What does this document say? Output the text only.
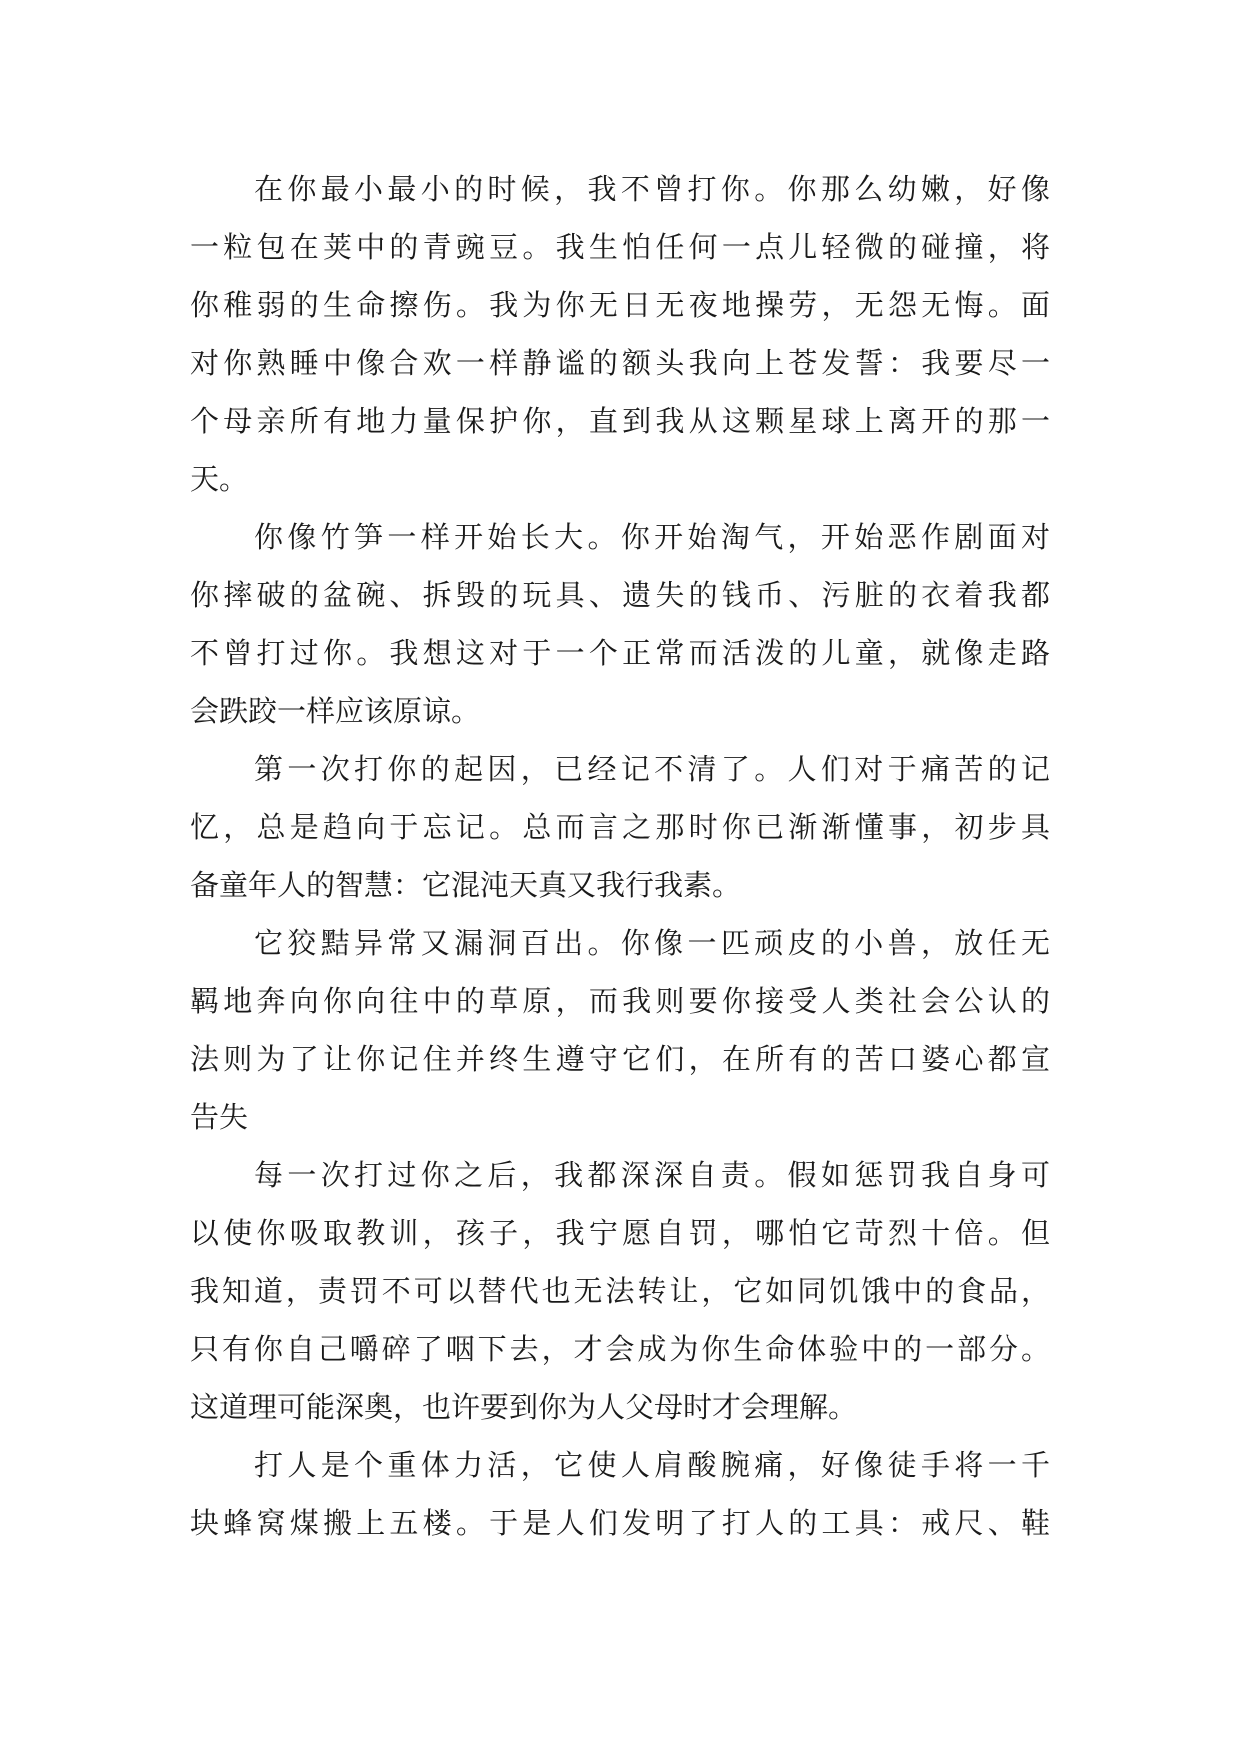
在你最小最小的时候，我不曾打你。你那么幼嫩，好像
一粒包在荚中的青豌豆。我生怕任何一点儿轻微的碰撞，将
你稚弱的生命擦伤。我为你无日无夜地操劳，无怨无悔。面
对你熟睡中像合欢一样静谧的额头我向上苍发誓：我要尽一
个母亲所有地力量保护你，直到我从这颗星球上离开的那一
天。
你像竹笋一样开始长大。你开始淘气，开始恶作剧面对
你摔破的盆碗、拆毁的玩具、遗失的钱币、污脏的衣着我都
不曾打过你。我想这对于一个正常而活泼的儿童，就像走路
会跌跤一样应该原谅。
第一次打你的起因，已经记不清了。人们对于痛苦的记
忆，总是趋向于忘记。总而言之那时你已渐渐懂事，初步具
备童年人的智慧：它混沌天真又我行我素。
它狡黠异常又漏洞百出。你像一匹顽皮的小兽，放任无
羁地奔向你向往中的草原，而我则要你接受人类社会公认的
法则为了让你记住并终生遵守它们，在所有的苦口婆心都宣
告失
每一次打过你之后，我都深深自责。假如惩罚我自身可
以使你吸取教训，孩子，我宁愿自罚，哪怕它苛烈十倍。但
我知道，责罚不可以替代也无法转让，它如同饥饿中的食品，
只有你自己嚼碎了咽下去，才会成为你生命体验中的一部分。
这道理可能深奥，也许要到你为人父母时才会理解。
打人是个重体力活，它使人肩酸腕痛，好像徒手将一千
块蜂窝煤搬上五楼。于是人们发明了打人的工具：戒尺、鞋
